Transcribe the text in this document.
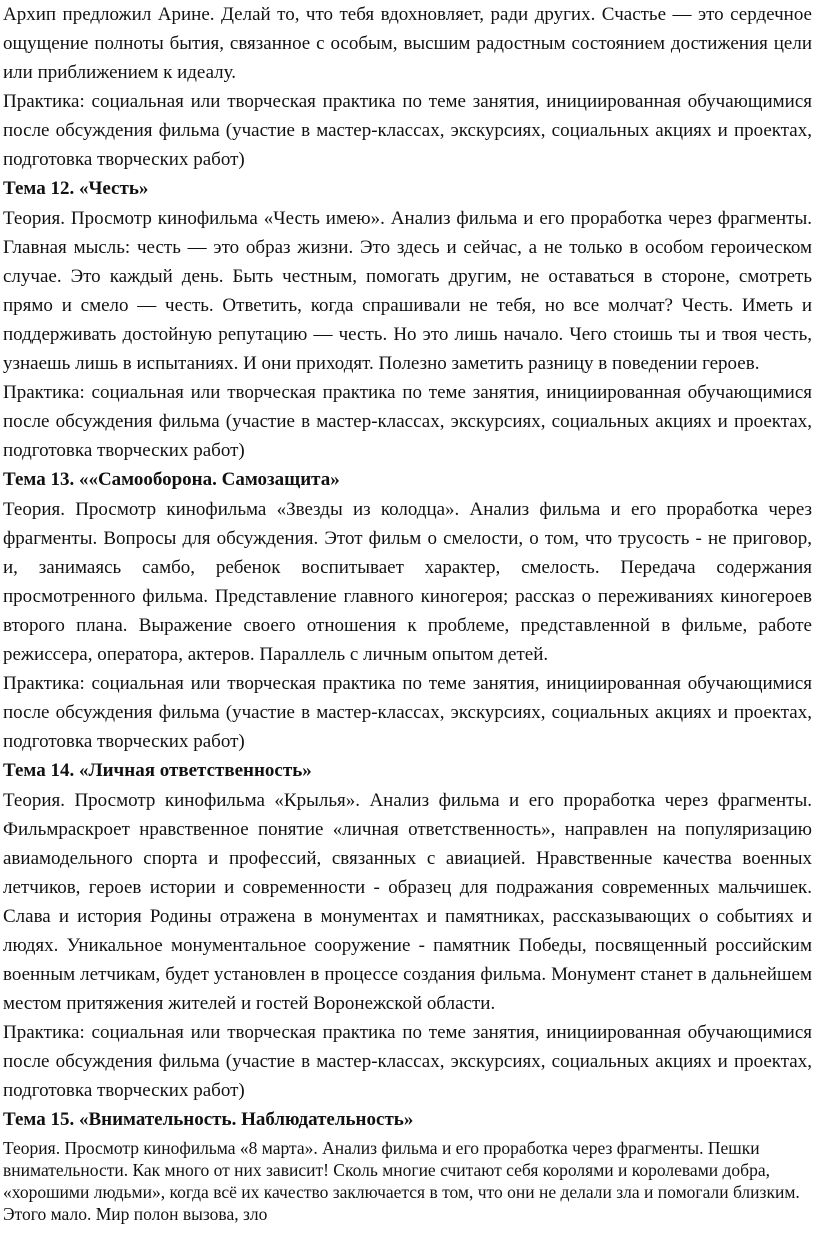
Архип предложил Арине. Делай то, что тебя вдохновляет, ради других. Счастье — это сердечное ощущение полноты бытия, связанное с особым, высшим радостным состоянием достижения цели или приближением к идеалу.

Практика: социальная или творческая практика по теме занятия, инициированная обучающимися после обсуждения фильма (участие в мастер-классах, экскурсиях, социальных акциях и проектах, подготовка творческих работ)

Тема 12. «Честь»

Теория. Просмотр кинофильма «Честь имею». Анализ фильма и его проработка через фрагменты. Главная мысль: честь — это образ жизни. Это здесь и сейчас, а не только в особом героическом случае. Это каждый день. Быть честным, помогать другим, не оставаться в стороне, смотреть прямо и смело — честь. Ответить, когда спрашивали не тебя, но все молчат? Честь. Иметь и поддерживать достойную репутацию — честь. Но это лишь начало. Чего стоишь ты и твоя честь, узнаешь лишь в испытаниях. И они приходят. Полезно заметить разницу в поведении героев.

Практика: социальная или творческая практика по теме занятия, инициированная обучающимися после обсуждения фильма (участие в мастер-классах, экскурсиях, социальных акциях и проектах, подготовка творческих работ)

Тема 13. ««Самооборона. Самозащита»

Теория. Просмотр кинофильма «Звезды из колодца». Анализ фильма и его проработка через фрагменты. Вопросы для обсуждения. Этот фильм о смелости, о том, что трусость - не приговор, и, занимаясь самбо, ребенок воспитывает характер, смелость. Передача содержания просмотренного фильма. Представление главного киногероя; рассказ о переживаниях киногероев второго плана. Выражение своего отношения к проблеме, представленной в фильме, работе режиссера, оператора, актеров. Параллель с личным опытом детей.

Практика: социальная или творческая практика по теме занятия, инициированная обучающимися после обсуждения фильма (участие в мастер-классах, экскурсиях, социальных акциях и проектах, подготовка творческих работ)

Тема 14. «Личная ответственность»

Теория. Просмотр кинофильма «Крылья». Анализ фильма и его проработка через фрагменты. Фильмраскроет нравственное понятие «личная ответственность», направлен на популяризацию авиамодельного спорта и профессий, связанных с авиацией. Нравственные качества военных летчиков, героев истории и современности - образец для подражания современных мальчишек. Слава и история Родины отражена в монументах и памятниках, рассказывающих о событиях и людях. Уникальное монументальное сооружение - памятник Победы, посвященный российским военным летчикам, будет установлен в процессе создания фильма. Монумент станет в дальнейшем местом притяжения жителей и гостей Воронежской области.

Практика: социальная или творческая практика по теме занятия, инициированная обучающимися после обсуждения фильма (участие в мастер-классах, экскурсиях, социальных акциях и проектах, подготовка творческих работ)

Тема 15. «Внимательность. Наблюдательность»

Теория. Просмотр кинофильма «8 марта». Анализ фильма и его проработка через фрагменты. Пешки внимательности. Как много от них зависит! Сколь многие считают себя королями и королевами добра, «хорошими людьми», когда всё их качество заключается в том, что они не делали зла и помогали близким. Этого мало. Мир полон вызова, зло
